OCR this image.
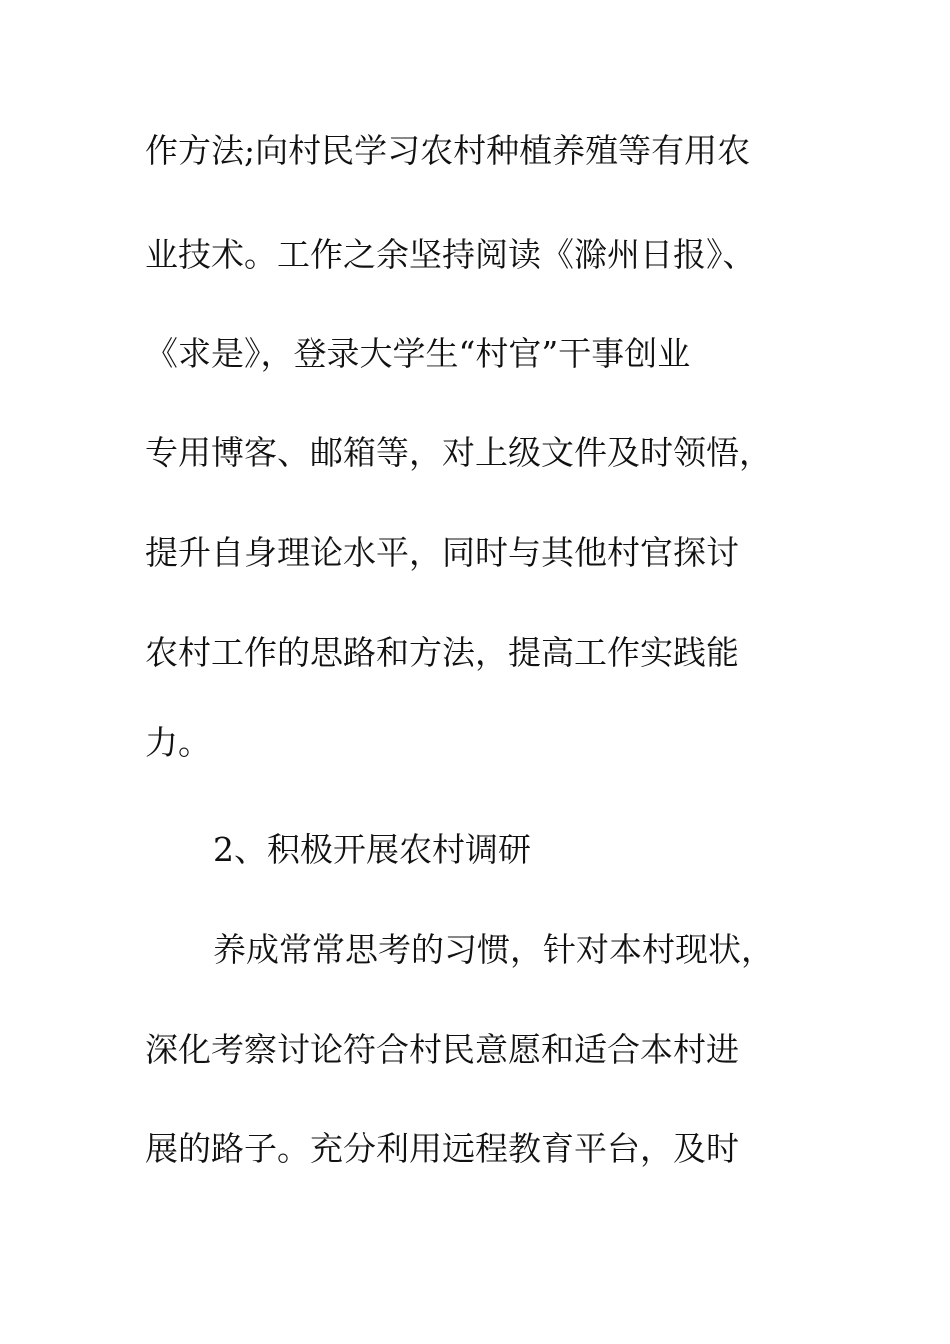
作方法;向村民学习农村种植养殖等有用农
业技术。工作之余坚持阅读《滁州日报》、
《求是》，登录大学生“村官”干事创业
专用博客、邮箱等，对上级文件及时领悟，
提升自身理论水平，同时与其他村官探讨
农村工作的思路和方法，提高工作实践能
力。
2、积极开展农村调研
养成常常思考的习惯，针对本村现状，
深化考察讨论符合村民意愿和适合本村进
展的路子。充分利用远程教育平台，及时
